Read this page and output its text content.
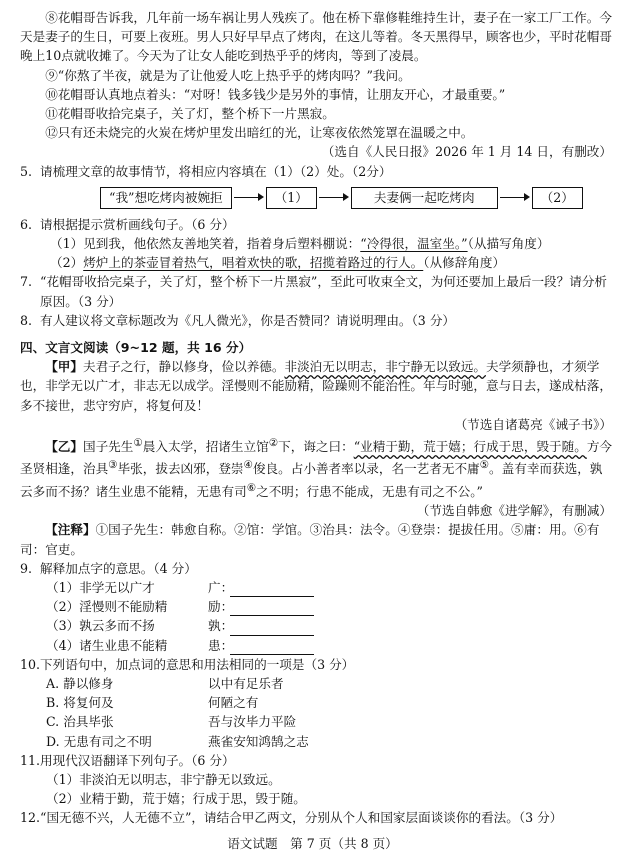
⑧花帽哥告诉我，几年前一场车祸让男人残疾了。他在桥下靠修鞋维持生计，妻子在一家工厂工作。今天是妻子的生日，可要上夜班。男人只好早早点了烤肉，在这儿等着。冬天黑得早，顾客也少，平时花帽哥晚上10点就收摊了。今天为了让女人能吃到热乎乎的烤肉，等到了凌晨。

⑨“你熬了半夜，就是为了让他爱人吃上热乎乎的烤肉吗？”我问。

⑩花帽哥认真地点着头：“对呀！钱多钱少是另外的事情，让朋友开心，才最重要。”

⑪花帽哥收拾完桌子，关了灯，整个桥下一片黑寂。

⑫只有还未烧完的火炭在烤炉里发出暗红的光，让寒夜依然笼罩在温暖之中。

（选自《人民日报》2026 年 1 月 14 日，有删改）

5. 请梳理文章的故事情节，将相应内容填在（1）（2）处。（2分）
“我”想吃烤肉被婉拒	（1）	夫妻俩一起吃烤肉	（2）
6. 请根据提示赏析画线句子。（6 分）

（1）见到我，他依然友善地笑着，指着身后塑料棚说：“冷得很，温室坐。”（从描写角度）

（2）烤炉上的茶壶冒着热气，唱着欢快的歌，招揽着路过的行人。（从修辞角度）

7. “花帽哥收拾完桌子，关了灯，整个桥下一片黑寂”，至此可收束全文，为何还要加上最后一段？请分析原因。（3 分）
8. 有人建议将文章标题改为《凡人微光》，你是否赞同？请说明理由。（3 分）

四、文言文阅读（9~12 题，共 16 分）

【甲】夫君子之行，静以修身，俭以养德。非淡泊无以明志，非宁静无以致远。夫学须静也，才须学也，非学无以广才，非志无以成学。淫慢则不能励精，险躁则不能治性。年与时驰，意与日去，遂成枯落，多不接世，悲守穷庐，将复何及！

（节选自诸葛亮《诫子书》）

【乙】国子先生①晨入太学，招诸生立馆②下，诲之曰：“业精于勤，荒于嬉；行成于思，毁于随。方今圣贤相逢，治具③毕张，拔去凶邪，登崇④俊良。占小善者率以录，名一艺者无不庸⑤。盖有幸而获选，孰云多而不扬？诸生业患不能精，无患有司⑥之不明；行患不能成，无患有司之不公。”

（节选自韩愈《进学解》，有删减）

【注释】①国子先生：韩愈自称。②馆：学馆。③治具：法令。④登崇：提拔任用。⑤庸：用。⑥有司：官吏。

9. 解释加点字的意思。（4 分）
（1）非学无以广才	广：
（2）淫慢则不能励精	励：
（3）孰云多而不扬	孰：
（4）诸生业患不能精	患：
10. 下列语句中，加点词的意思和用法相同的一项是（3 分）
A. 静以修身	以中有足乐者
B. 将复何及	何陋之有
C. 治具毕张	吾与汝毕力平险
D. 无患有司之不明	燕雀安知鸿鹄之志
11. 用现代汉语翻译下列句子。（6 分）

（1）非淡泊无以明志，非宁静无以致远。

（2）业精于勤，荒于嬉；行成于思，毁于随。

12. “国无德不兴，人无德不立”，请结合甲乙两文，分别从个人和国家层面谈谈你的看法。（3 分）
语文试题　第 7 页（共 8 页）
